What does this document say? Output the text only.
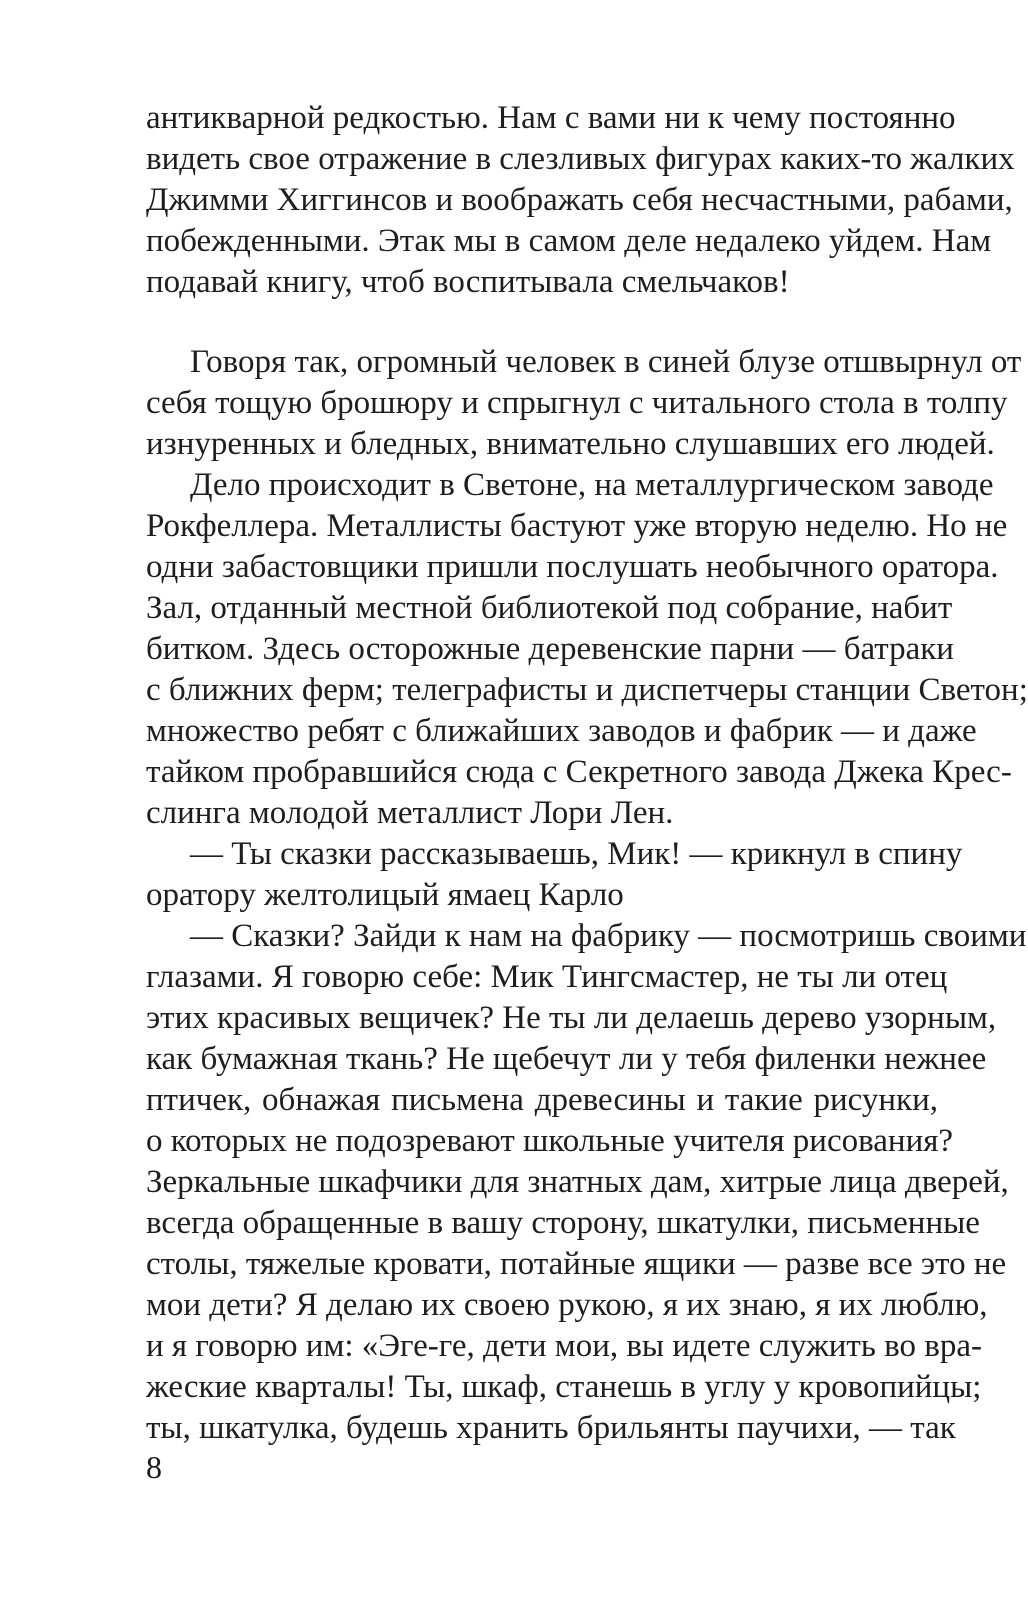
антикварной редкостью. Нам с вами ни к чему постоянно
видеть свое отражение в слезливых фигурах каких-то жалких
Джимми Хиггинсов и воображать себя несчастными, рабами,
побежденными. Этак мы в самом деле недалеко уйдем. Нам
подавай книгу, чтоб воспитывала смельчаков!
Говоря так, огромный человек в синей блузе отшвырнул от
себя тощую брошюру и спрыгнул с читального стола в толпу
изнуренных и бледных, внимательно слушавших его людей.
Дело происходит в Светоне, на металлургическом заводе
Рокфеллера. Металлисты бастуют уже вторую неделю. Но не
одни забастовщики пришли послушать необычного оратора.
Зал, отданный местной библиотекой под собрание, набит
битком. Здесь осторожные деревенские парни — батраки
с ближних ферм; телеграфисты и диспетчеры станции Светон;
множество ребят с ближайших заводов и фабрик — и даже
тайком пробравшийся сюда с Секретного завода Джека Крес-
слинга молодой металлист Лори Лен.
— Ты сказки рассказываешь, Мик! — крикнул в спину
оратору желтолицый ямаец Карло
— Сказки? Зайди к нам на фабрику — посмотришь своими
глазами. Я говорю себе: Мик Тингсмастер, не ты ли отец
этих красивых вещичек? Не ты ли делаешь дерево узорным,
как бумажная ткань? Не щебечут ли у тебя филенки нежнее
птичек, обнажая письмена древесины и такие рисунки,
о которых не подозревают школьные учителя рисования?
Зеркальные шкафчики для знатных дам, хитрые лица дверей,
всегда обращенные в вашу сторону, шкатулки, письменные
столы, тяжелые кровати, потайные ящики — разве все это не
мои дети? Я делаю их своею рукою, я их знаю, я их люблю,
и я говорю им: «Эге-ге, дети мои, вы идете служить во вра-
жеские кварталы! Ты, шкаф, станешь в углу у кровопийцы;
ты, шкатулка, будешь хранить брильянты паучихи, — так
8
